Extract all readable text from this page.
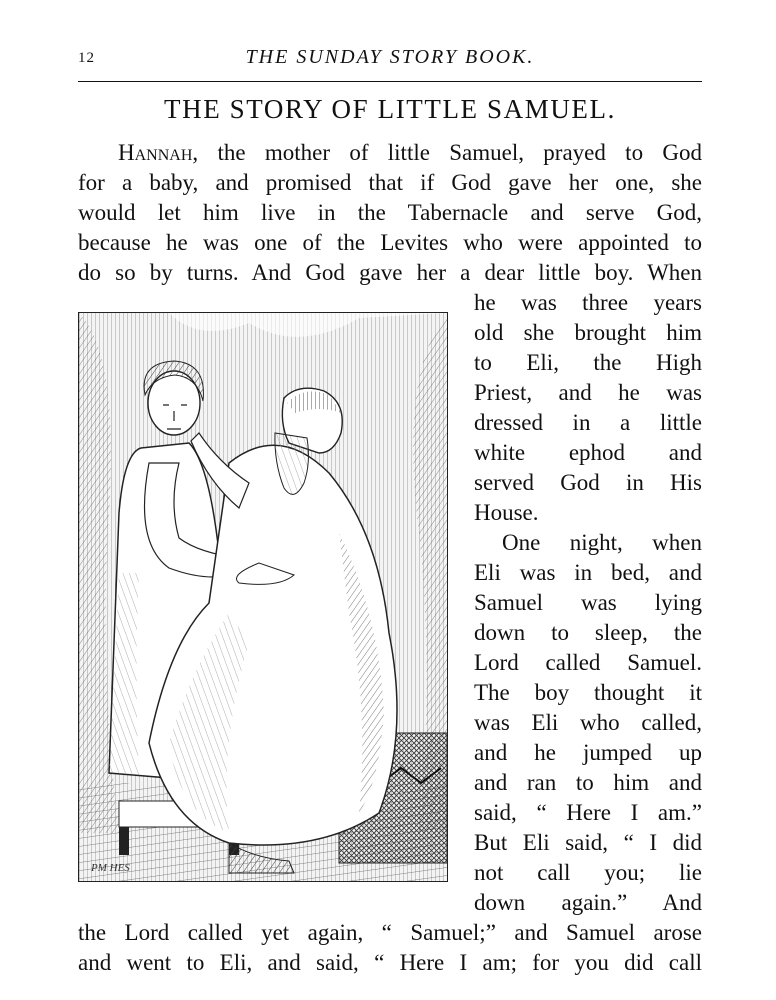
12	THE SUNDAY STORY BOOK.
THE STORY OF LITTLE SAMUEL.
Hannah, the mother of little Samuel, prayed to God
for a baby, and promised that if God gave her one, she
would let him live in the Tabernacle and serve God,
because he was one of the Levites who were appointed to
do so by turns. And God gave her a dear little boy. When
he was three years
old she brought him
to Eli, the High
Priest, and he was
dressed in a little
white ephod and
served God in His
House.
One night, when
Eli was in bed, and
Samuel was lying
down to sleep, the
Lord called Samuel.
The boy thought it
was Eli who called,
and he jumped up
and ran to him and
said, “ Here I am.”
But Eli said, “ I did
not call you; lie
down again.” And
the Lord called yet again, “ Samuel;” and Samuel arose
and went to Eli, and said, “ Here I am; for you did call
PM HES
